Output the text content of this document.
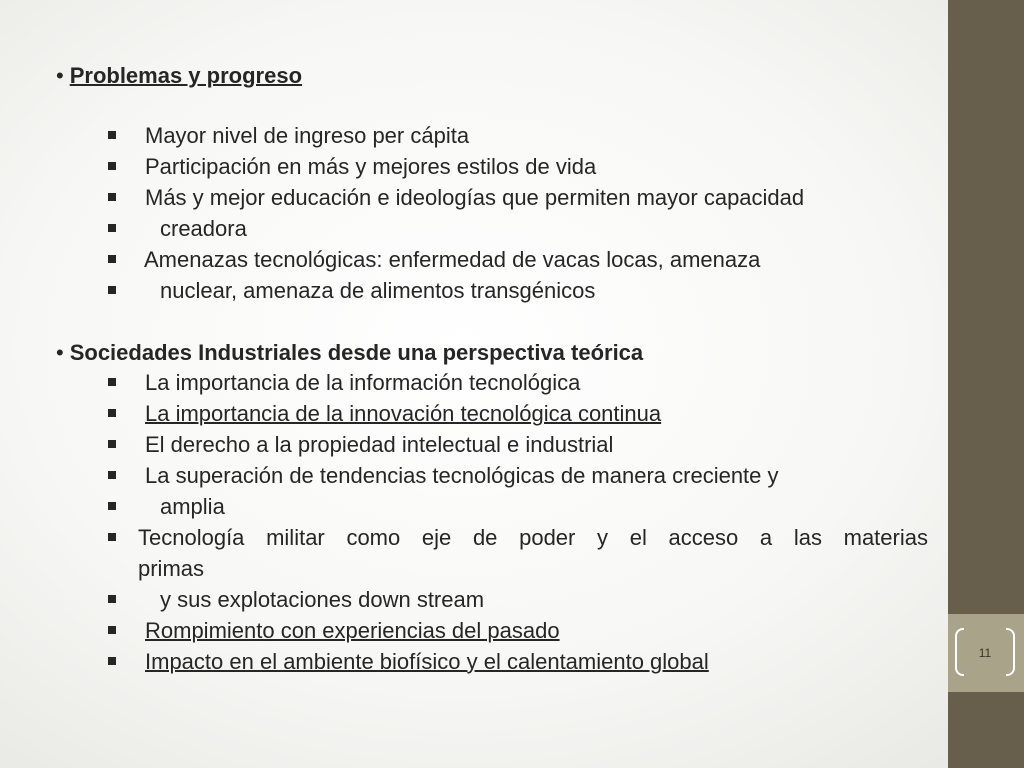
11
• Problemas y progreso
Mayor nivel de ingreso per cápita
Participación en más y mejores estilos de vida
Más y mejor educación e ideologías que permiten mayor capacidad
creadora
Amenazas tecnológicas: enfermedad de vacas locas, amenaza
nuclear, amenaza de alimentos transgénicos
• Sociedades Industriales desde una perspectiva teórica
La importancia de la información tecnológica
La importancia de la innovación tecnológica continua
El derecho a la propiedad intelectual e industrial
La superación de tendencias tecnológicas de manera creciente y
amplia
Tecnología militar como eje de poder y el acceso a las materias
primas
y sus explotaciones down stream
Rompimiento con experiencias del pasado
Impacto en el ambiente biofísico y el calentamiento global
